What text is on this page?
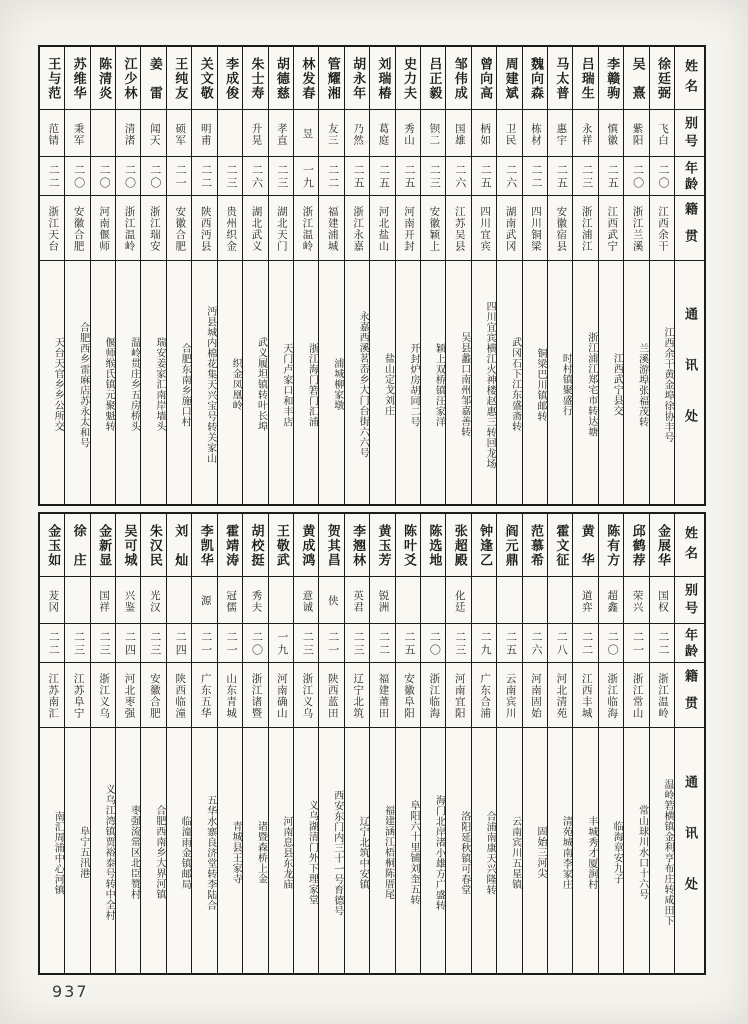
姓名
别号
年龄
籍贯
通讯处
徐廷弼
飞白
二〇
江西余干
江西余干黄金埠徐协丰号
吴　熹
紫阳
二〇
浙江兰溪
兰溪游埠张福茂转
李赣驹
慎徽
二五
江西武宁
江西武宁县交
吕瑞生
永祥
二三
浙江浦江
浙江浦江郑宅市转达塘
马太普
惠宇
二五
安徽宿县
时村镇聚盛行
魏向森
栋材
二二
四川铜梁
铜梁巴川镇邮转
周建斌
卫民
二六
湖南武冈
武冈石下江东盛斋转
曾向高
柄如
二五
四川宜宾
四川宜宾横江火神楼赵惠三转回龙场
邹伟成
国雄
二六
江苏吴县
吴县蠡口南州邹嘉善转
吕正毅
钡二
二三
安徽颖上
颖上双桥镇汪家洋
史力夫
秀山
二五
河南开封
开封炉房胡同二号
刘瑞椿
葛庭
二五
河北盐山
盐山定戈刘庄
胡永年
乃然
二五
浙江永嘉
永嘉西溪茗岙乡大门台街六六号
管耀湘
友三
二二
福建浦城
浦城柳家墩
林发春
昱
一九
浙江温岭
浙江海门箬门汇浦
胡德慈
孝直
二三
湖北天门
天门卢家口和丰店
朱士寿
升晃
二六
湖北武义
武义履坦镇转叶长埠
李成俊
二三
贵州织金
织金凤凰岭
关文敬
明甫
二二
陕西沔县
沔县城内棉花集天兴宝号转关家山
王纯友
硕军
二一
安徽合肥
合肥东南乡施口村
姜　雷
闻天
二〇
浙江瑞安
瑞安姜家汇南岸墙头
江少林
清渚
二〇
浙江温岭
温岭贯庄乡五房桥头
陈清炎
二〇
河南偃师
偃师缑氏镇元聚魁转
苏维华
秉军
二〇
安徽合肥
合肥西乡雷麻店苏永太和号
王与范
范锖
二二
浙江天台
天台天官乡乡公所交
姓名
别号
年龄
籍贯
通讯处
金展华
国权
二二
浙江温岭
温岭箬横镇金利亨布庄转咸田下
邱鹤荐
荣兴
二一
浙江常山
常山球川水口十六号
陈有方
超鑫
二〇
浙江临海
临海章安九子
黄　华
道弈
二二
江西丰城
丰城秀才厦涧村
霍文征
二八
河北清苑
清苑城南李家庄
范慕希
二六
河南固始
固始三河尖
阎元鼎
二五
云南宾川
云南宾川五星镇
钟逢乙
二九
广东合浦
合浦南康天兴隆转
张超殿
化廷
二三
河南宜阳
洛阳延秋镇可春堂
陈选地
二〇
浙江临海
海门北岸渚小雄方广盛转
陈叶爻
二五
安徽阜阳
阜阳六十里铺刘奎五转
黄玉芳
锐洲
二二
福建莆田
福建涵江梧桐陈厝尾
李翘林
英君
二三
辽宁北筑
辽宁北筑中安镇
贺其昌
侠
二一
陕西蓝田
西安东门内三十一号育德号
黄成鸿
意诚
二三
浙江义乌
义乌湖清门外下理家堂
王敬武
一九
河南确山
河南息县东龙庙
胡校挺
秀夫
二〇
浙江诸暨
诸暨森桥上金
霍靖涛
冠儒
二一
山东青城
青城县王家寺
李凯华
源
二一
广东五华
五华水寨良济堂转李陆合
刘　灿
二四
陕西临潼
临潼雨金镇邮局
朱汉民
光汉
二三
安徽合肥
合肥西南乡大界河镇
吴可城
兴鉴
二四
河北枣强
枣强流常区北臣赞村
金新显
国祥
二三
浙江义乌
义乌江湾镇贾裕泰号转中全村
徐　庄
二三
江苏阜宁
阜宁五汛港
金玉如
茇冈
二二
江苏南汇
南汇周浦中心河镇
937
